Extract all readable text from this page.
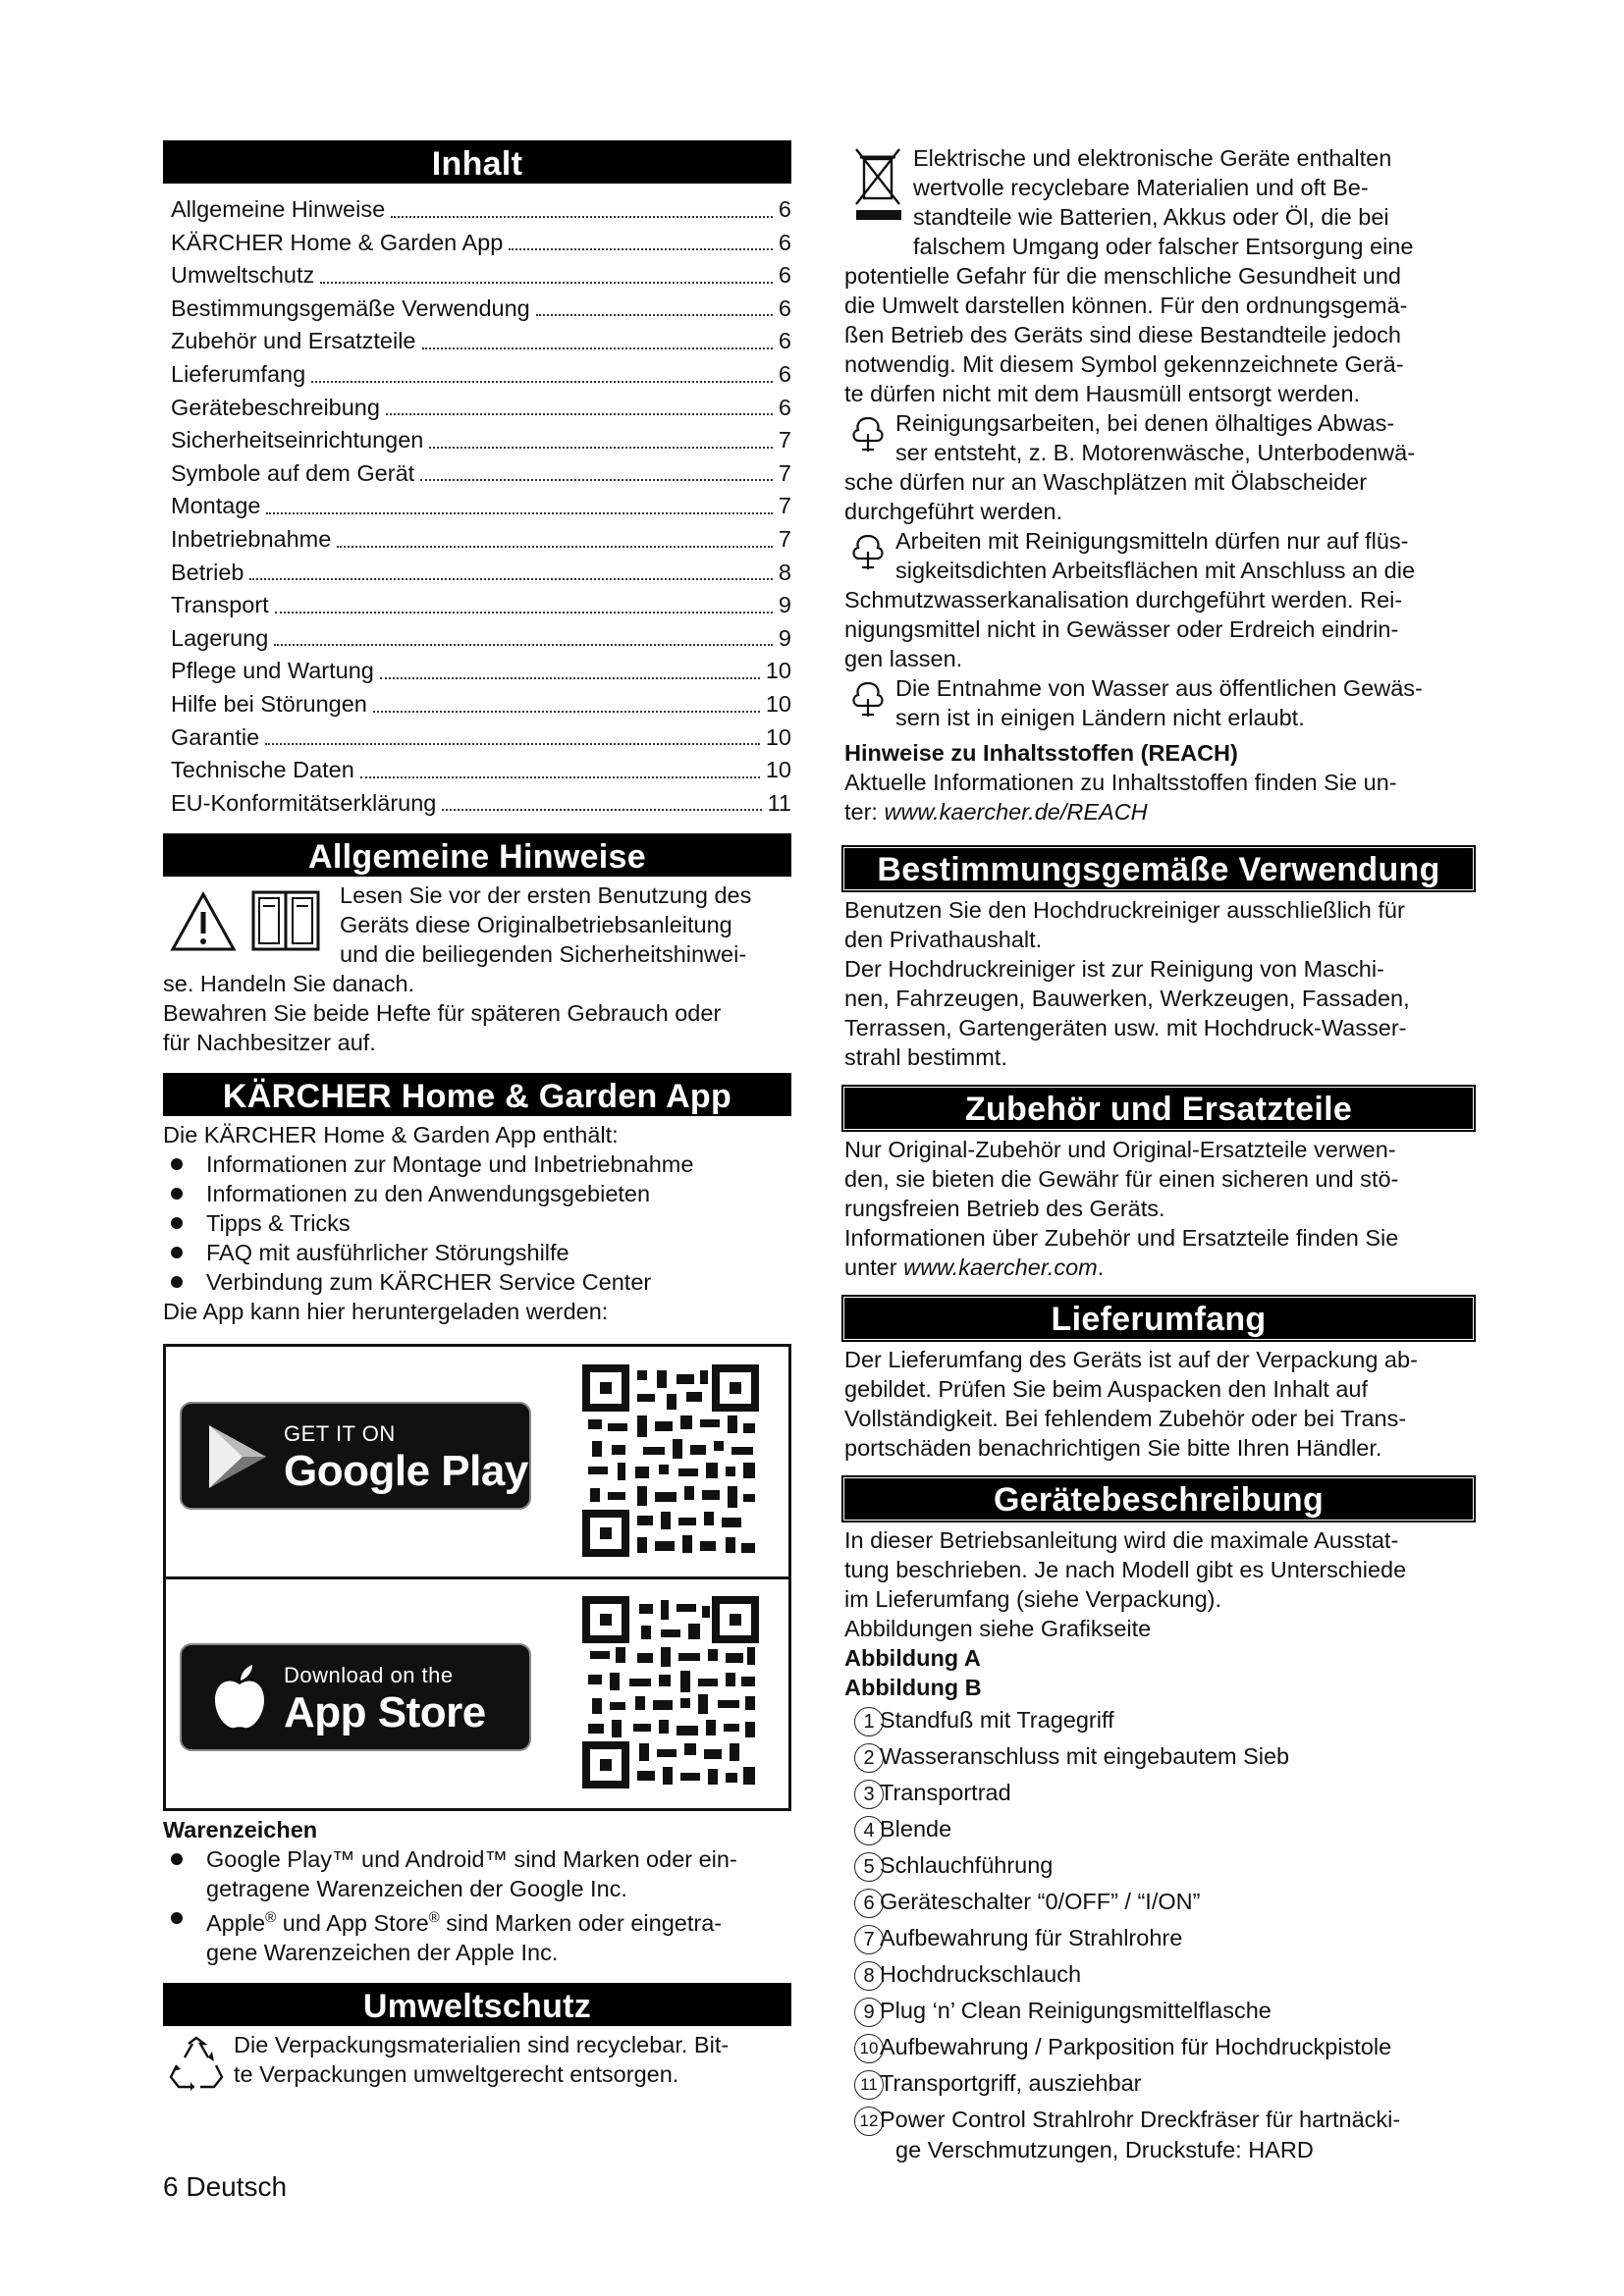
Inhalt
Allgemeine Hinweise	6
KÄRCHER Home & Garden App	6
Umweltschutz	6
Bestimmungsgemäße Verwendung	6
Zubehör und Ersatzteile	6
Lieferumfang	6
Gerätebeschreibung	6
Sicherheitseinrichtungen	7
Symbole auf dem Gerät	7
Montage	7
Inbetriebnahme	7
Betrieb	8
Transport	9
Lagerung	9
Pflege und Wartung	10
Hilfe bei Störungen	10
Garantie	10
Technische Daten	10
EU-Konformitätserklärung	11
Allgemeine Hinweise

Lesen Sie vor der ersten Benutzung des

Geräts diese Originalbetriebsanleitung

und die beiliegenden Sicherheitshinwei-

se. Handeln Sie danach.

Bewahren Sie beide Hefte für späteren Gebrauch oder

für Nachbesitzer auf.

KÄRCHER Home & Garden App

Die KÄRCHER Home & Garden App enthält:

Informationen zur Montage und Inbetriebnahme
Informationen zu den Anwendungsgebieten
Tipps & Tricks
FAQ mit ausführlicher Störungshilfe
Verbindung zum KÄRCHER Service Center

Die App kann hier heruntergeladen werden:

GET IT ON
Google Play
Download on the
App Store

Warenzeichen

Google Play™ und Android™ sind Marken oder ein-
getragene Warenzeichen der Google Inc.
Apple® und App Store® sind Marken oder eingetra-
gene Warenzeichen der Apple Inc.
Umweltschutz

Die Verpackungsmaterialien sind recyclebar. Bit-

te Verpackungen umweltgerecht entsorgen.

Elektrische und elektronische Geräte enthalten

wertvolle recyclebare Materialien und oft Be-

standteile wie Batterien, Akkus oder Öl, die bei

falschem Umgang oder falscher Entsorgung eine

potentielle Gefahr für die menschliche Gesundheit und

die Umwelt darstellen können. Für den ordnungsgemä-

ßen Betrieb des Geräts sind diese Bestandteile jedoch

notwendig. Mit diesem Symbol gekennzeichnete Gerä-

te dürfen nicht mit dem Hausmüll entsorgt werden.

Reinigungsarbeiten, bei denen ölhaltiges Abwas-

ser entsteht, z. B. Motorenwäsche, Unterbodenwä-

sche dürfen nur an Waschplätzen mit Ölabscheider

durchgeführt werden.

Arbeiten mit Reinigungsmitteln dürfen nur auf flüs-

sigkeitsdichten Arbeitsflächen mit Anschluss an die

Schmutzwasserkanalisation durchgeführt werden. Rei-

nigungsmittel nicht in Gewässer oder Erdreich eindrin-

gen lassen.

Die Entnahme von Wasser aus öffentlichen Gewäs-

sern ist in einigen Ländern nicht erlaubt.

Hinweise zu Inhaltsstoffen (REACH)

Aktuelle Informationen zu Inhaltsstoffen finden Sie un-

ter: www.kaercher.de/REACH

Bestimmungsgemäße Verwendung

Benutzen Sie den Hochdruckreiniger ausschließlich für

den Privathaushalt.

Der Hochdruckreiniger ist zur Reinigung von Maschi-

nen, Fahrzeugen, Bauwerken, Werkzeugen, Fassaden,

Terrassen, Gartengeräten usw. mit Hochdruck-Wasser-

strahl bestimmt.

Zubehör und Ersatzteile

Nur Original-Zubehör und Original-Ersatzteile verwen-

den, sie bieten die Gewähr für einen sicheren und stö-

rungsfreien Betrieb des Geräts.

Informationen über Zubehör und Ersatzteile finden Sie

unter www.kaercher.com.

Lieferumfang

Der Lieferumfang des Geräts ist auf der Verpackung ab-

gebildet. Prüfen Sie beim Auspacken den Inhalt auf

Vollständigkeit. Bei fehlendem Zubehör oder bei Trans-

portschäden benachrichtigen Sie bitte Ihren Händler.

Gerätebeschreibung

In dieser Betriebsanleitung wird die maximale Ausstat-

tung beschrieben. Je nach Modell gibt es Unterschiede

im Lieferumfang (siehe Verpackung).

Abbildungen siehe Grafikseite

Abbildung A

Abbildung B

1 Standfuß mit Tragegriff
2 Wasseranschluss mit eingebautem Sieb
3 Transportrad
4 Blende
5 Schlauchführung
6 Geräteschalter “0/OFF” / “I/ON”
7 Aufbewahrung für Strahlrohre
8 Hochdruckschlauch
9 Plug ‘n’ Clean Reinigungsmittelflasche
10 Aufbewahrung / Parkposition für Hochdruckpistole
11 Transportgriff, ausziehbar
12 Power Control Strahlrohr Dreckfräser für hartnäcki-
ge Verschmutzungen, Druckstufe: HARD
6 Deutsch
